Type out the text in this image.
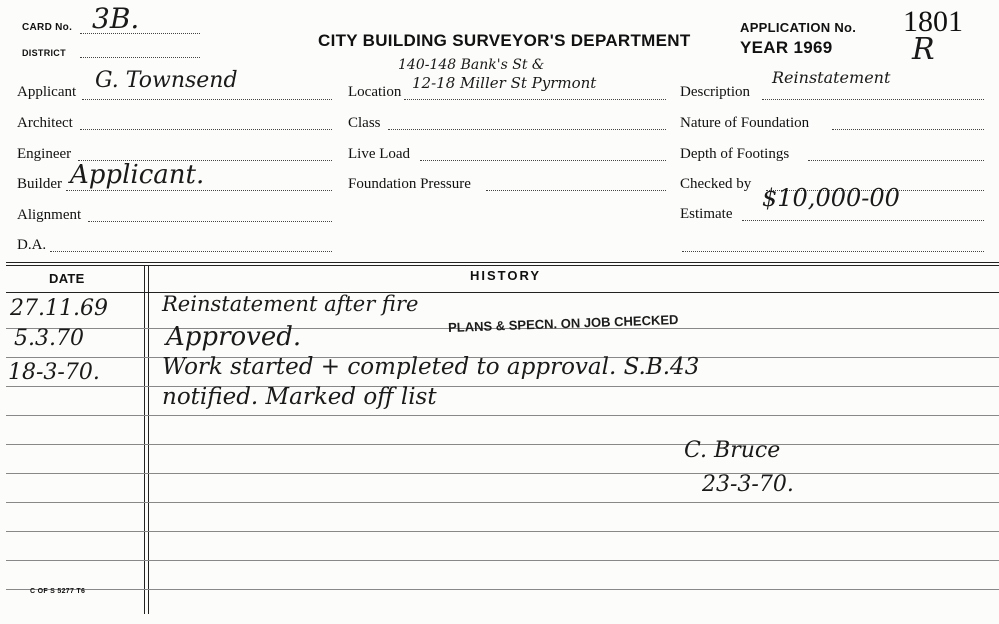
CARD No. 3B.
DISTRICT
CITY BUILDING SURVEYOR'S DEPARTMENT
APPLICATION No. 1801
YEAR 1969	R
Applicant G. Townsend
Architect
Engineer
Builder Applicant.
Alignment
D.A.
Location
140-148 Bank's St &
12-18 Miller St Pyrmont
Class
Live Load
Foundation Pressure
Description
Reinstatement
Nature of Foundation
Depth of Footings
Checked by
Estimate
$10,000-00
DATE	HISTORY
27.11.69	Reinstatement after fire
5.3.70	Approved.	PLANS & SPECN. ON JOB CHECKED
18-3-70.	Work started + completed to approval. S.B.43
notified. Marked off list
C. Bruce
23-3-70.
C OF S 5277 T6
